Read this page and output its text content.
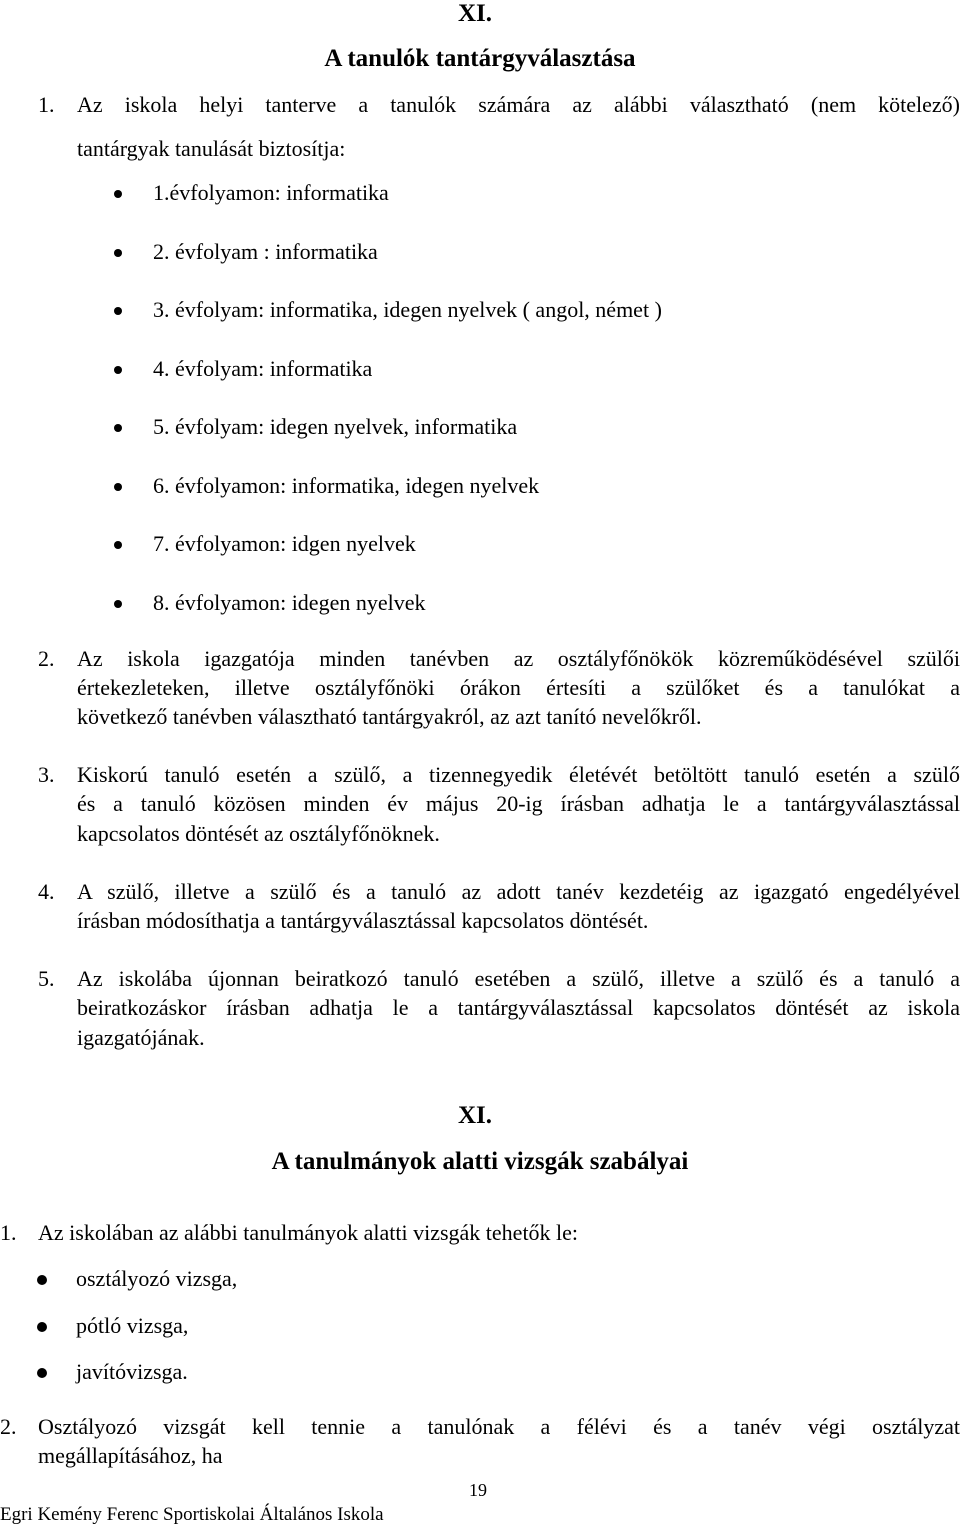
XI.
A tanulók tantárgyválasztása
1. Az iskola helyi tanterve a tanulók számára az alábbi választható (nem kötelező)
tantárgyak tanulását biztosítja:
1.évfolyamon: informatika
2. évfolyam : informatika
3. évfolyam: informatika, idegen nyelvek ( angol, német )
4. évfolyam: informatika
5. évfolyam: idegen nyelvek, informatika
6. évfolyamon: informatika, idegen nyelvek
7. évfolyamon: idgen nyelvek
8. évfolyamon: idegen nyelvek
2. Az iskola igazgatója minden tanévben az osztályfőnökök közreműködésével szülői
értekezleteken, illetve osztályfőnöki órákon értesíti a szülőket és a tanulókat a
következő tanévben választható tantárgyakról, az azt tanító nevelőkről.
3. Kiskorú tanuló esetén a szülő, a tizennegyedik életévét betöltött tanuló esetén a szülő
és a tanuló közösen minden év május 20-ig írásban adhatja le a tantárgyválasztással
kapcsolatos döntését az osztályfőnöknek.
4. A szülő, illetve a szülő és a tanuló az adott tanév kezdetéig az igazgató engedélyével
írásban módosíthatja a tantárgyválasztással kapcsolatos döntését.
5. Az iskolába újonnan beiratkozó tanuló esetében a szülő, illetve a szülő és a tanuló a
beiratkozáskor írásban adhatja le a tantárgyválasztással kapcsolatos döntését az iskola
igazgatójának.
XI.
A tanulmányok alatti vizsgák szabályai
1. Az iskolában az alábbi tanulmányok alatti vizsgák tehetők le:
osztályozó vizsga,
pótló vizsga,
javítóvizsga.
2. Osztályozó vizsgát kell tennie a tanulónak a félévi és a tanév végi osztályzat
megállapításához, ha
19
Egri Kemény Ferenc Sportiskolai Általános Iskola
